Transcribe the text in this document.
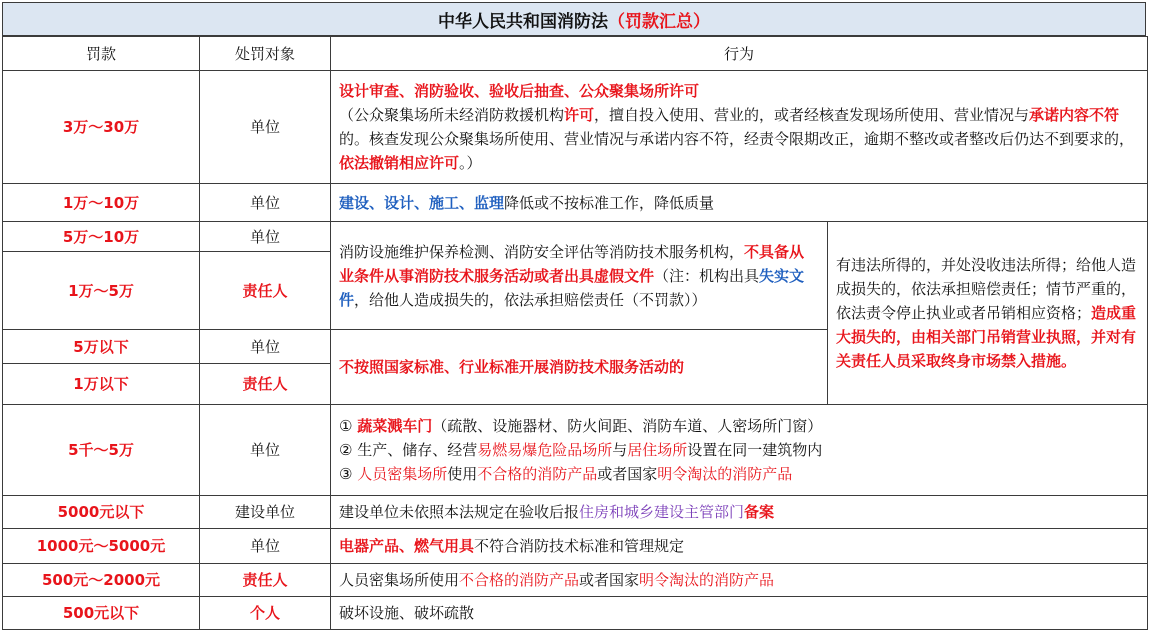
中华人民共和国消防法 （罚款汇总）
罚款	处罚对象	行为	
3万～30万	单位	设计审查、消防验收、验收后抽查、公众聚集场所许可
（公众聚集场所未经消防救援机构许可，擅自投入使用、营业的，或者经核查发现场所使用、营业情况与承诺内容不符的。核查发现公众聚集场所使用、营业情况与承诺内容不符，经责令限期改正，逾期不整改或者整改后仍达不到要求的，依法撤销相应许可。）	
1万～10万	单位	建设、设计、施工、监理降低或不按标准工作，降低质量	
5万～10万	单位	消防设施维护保养检测、消防安全评估等消防技术服务机构，不具备从业条件从事消防技术服务活动或者出具虚假文件（注：机构出具失实文件，给他人造成损失的，依法承担赔偿责任（不罚款））	有违法所得的，并处没收违法所得；给他人造成损失的，依法承担赔偿责任；情节严重的，依法责令停止执业或者吊销相应资格；造成重大损失的，由相关部门吊销营业执照，并对有关责任人员采取终身市场禁入措施。
1万～5万	责任人		
5万以下	单位	不按照国家标准、行业标准开展消防技术服务活动的	
1万以下	责任人		
5千～5万	单位	① 蔬菜溅车门（疏散、设施器材、防火间距、消防车道、人密场所门窗）
② 生产、储存、经营易燃易爆危险品场所与居住场所设置在同一建筑物内
③ 人员密集场所使用不合格的消防产品或者国家明令淘汰的消防产品	
5000元以下	建设单位	建设单位未依照本法规定在验收后报住房和城乡建设主管部门备案	
1000元～5000元	单位	电器产品、燃气用具不符合消防技术标准和管理规定	
500元～2000元	责任人	人员密集场所使用不合格的消防产品或者国家明令淘汰的消防产品	
500元以下	个人	破坏设施、破坏疏散	
